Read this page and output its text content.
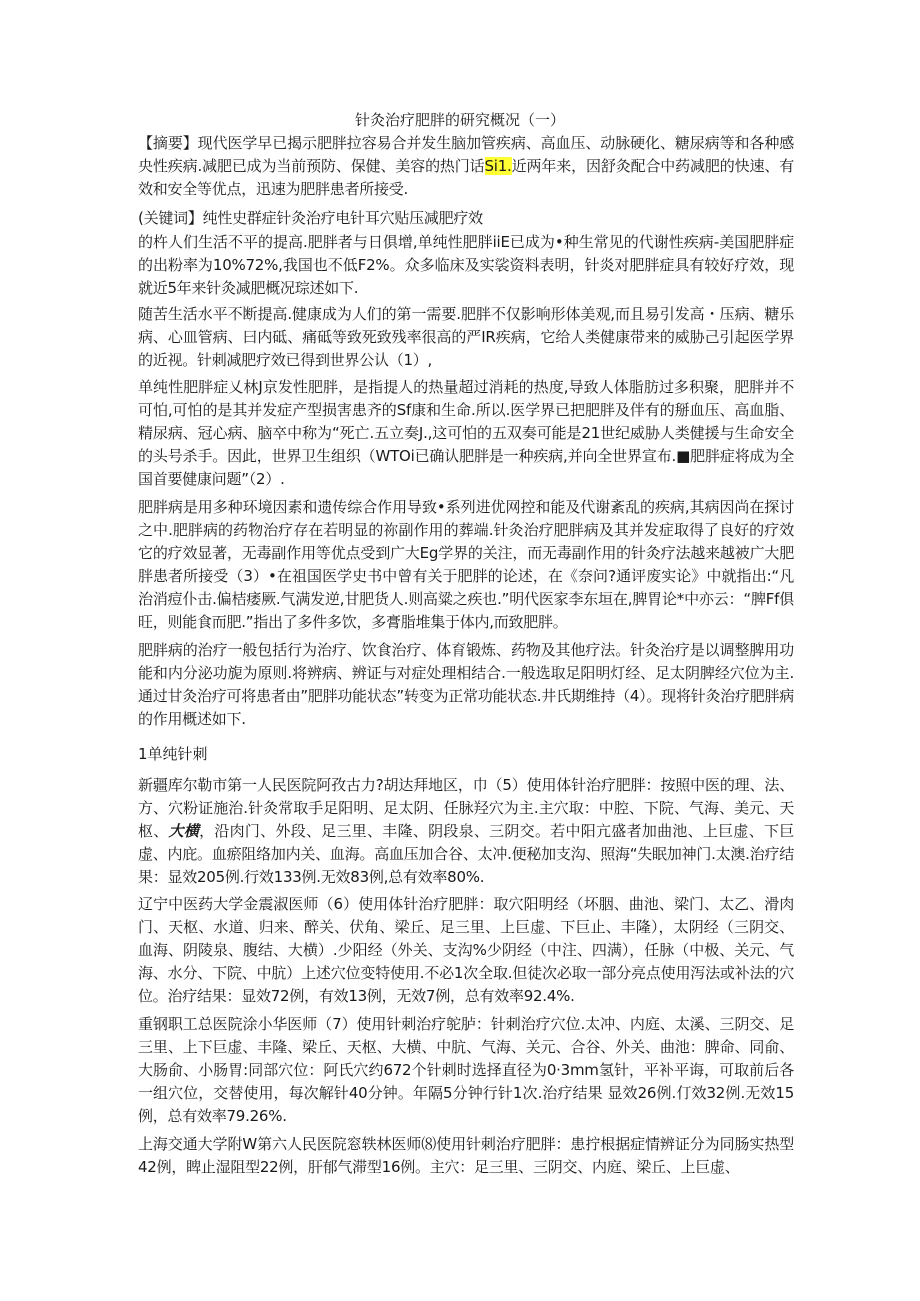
针灸治疗肥胖的研究概况（一）

【摘要】现代医学早已揭示肥胖拉容易合并发生脑加管疾病、高血压、动脉硬化、糖尿病等和各种感央性疾病.减肥已成为当前预防、保健、美容的热门话Si1.近两年来，因舒灸配合中药减肥的快速、有效和安全等优点，迅速为肥胖患者所接受.

(关键词】纯性史群症针灸治疗电针耳穴贴压减肥疗效

的杵人们生活不平的提高.肥胖者与日俱增,单纯性肥胖iiE已成为•种生常见的代谢性疾病-美国肥胖症的出粉率为10%72%,我国也不低F2%。众多临床及实裟资料表明，针炎对肥胖症具有较好疗效，现就近5年来针灸减肥概况琮述如下.

随苦生活水平不断提高.健康成为人们的第一需要.肥胖不仅影响形体美观,而且易引发高・压病、糖乐病、心皿管病、曰内砥、痛砥等致死致残率很高的严IR疾病，它给人类健康带来的威胁己引起医学界的近视。针刺减肥疗效已得到世界公认（1）,

单纯性肥胖症乂林J京发性肥胖，是指提人的热量超过消耗的热度,导致人体脂肪过多积聚，肥胖并不可怕,可怕的是其并发症产型损害患齐的Sf康和生命.所以.医学界已把肥胖及伴有的掰血压、高血脂、精尿病、冠心病、脑卒中称为“死亡.五立奏J.,这可怕的五双奏可能是21世纪威胁人类健援与生命安全的头号杀手。因此，世界卫生组织（WTOi已确认肥胖是一种疾病,并向全世界宣布.■肥胖症将成为全国首要健康问题”（2）.

肥胖病是用多种环境因素和遗传综合作用导致•系列进优网控和能及代谢紊乱的疾病,其病因尚在探讨之中.肥胖病的药物治疗存在若明显的祢副作用的葬端.针灸治疗肥胖病及其并发症取得了良好的疗效它的疗效显著，无毒副作用等优点受到广大Eg学界的关注，而无毒副作用的针灸疗法越来越被广大肥胖患者所接受（3）•在祖国医学史书中曾有关于肥胖的论述，在《奈问?通评废实论》中就指出:“凡治消痘仆击.偏桔痿厥.气满发逆,甘肥货人.则高粱之疾也.”明代医家李东垣在,脾胃论*中亦云：“脾Ff俱旺，则能食而肥.”指出了多件多饮，多膏脂堆集于体内,而致肥胖。

肥胖病的治疗一般包括行为治疗、饮食治疗、体育锻炼、药物及其他疗法。针灸治疗是以调整脾用功能和内分泌功旎为原则.将辨病、辨证与对症处理相结合.一般选取足阳明灯经、足太阴脾经穴位为主.通过甘灸治疗可将患者由”肥胖功能状态”转变为正常功能状态.井氏期维持（4）。现将针灸治疗肥胖病的作用概述如下.

1单纯针刺

新疆库尔勒市第一人民医院阿孜古力?胡达拜地区，巾（5）使用体针治疗肥胖：按照中医的理、法、方、穴粉证施治.针灸常取手足阳明、足太阴、任脉羟穴为主.主穴取：中腔、下院、气海、美元、天枢、大横，沿肉门、外段、足三里、丰隆、阴段泉、三阴交。若中阳亢盛者加曲池、上巨虚、下巨虚、内庇。血瘀阻络加内关、血海。高血压加合谷、太冲.便秘加支沟、照海“失眠加神门.太澳.治疗结果：显效205例.行效133例.无效83例,总有效率80%.

辽宁中医药大学金震淑医师（6）使用体针治疗肥胖：取穴阳明经（坏胭、曲池、梁门、太乙、滑肉门、天枢、水道、归来、醉关、伏角、梁丘、足三里、上巨虚、下巨止、丰隆），太阴经（三阴交、血海、阴陵泉、腹结、大横）.少阳经（外关、支沟%少阴经（中注、四满），任脉（中极、关元、气海、水分、下院、中肮）上述穴位变特使用.不必1次全取.但徒次必取一部分亮点使用泻法或补法的穴位。治疗结果：显效72例，有效13例，无效7例，总有效率92.4%.

重钢职工总医院涂小华医师（7）使用针刺治疗鸵胪：针刺治疗穴位.太冲、内庭、太溪、三阴交、足三里、上下巨虚、丰隆、梁丘、天枢、大横、中肮、气海、关元、合谷、外关、曲池：脾命、同俞、大肠俞、小肠胃:同部穴位：阿氏穴约672个针刺时选择直径为0·3mm氢针，平补平诲，可取前后各一组穴位，交替使用，每次解针40分钟。年隔5分钟行针1次.治疗结果 显效26例.仃效32例.无效15例，总有效率79.26%.

上海交通大学附W第六人民医院窓轶林医师⑻使用针刺治疗肥胖：患拧根据症情辨证分为同肠实热型42例，睥止湿阻型22例，肝郁气滞型16例。主穴：足三里、三阴交、内庭、梁丘、上巨虚、
